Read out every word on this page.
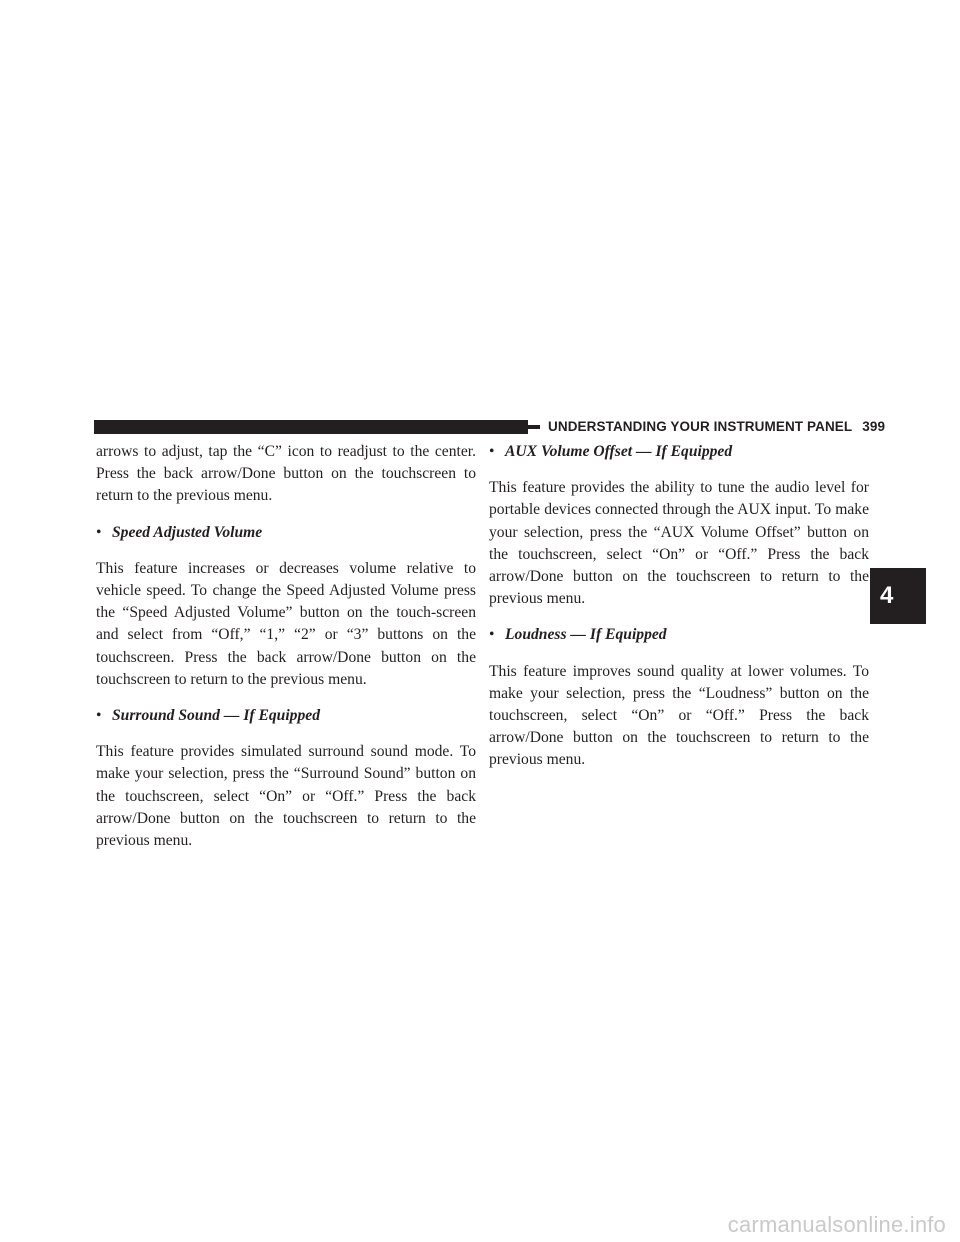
UNDERSTANDING YOUR INSTRUMENT PANEL 399

arrows to adjust, tap the “C” icon to readjust to the center. Press the back arrow/Done button on the touchscreen to return to the previous menu.

• Speed Adjusted Volume

This feature increases or decreases volume relative to vehicle speed. To change the Speed Adjusted Volume press the “Speed Adjusted Volume” button on the touch-screen and select from “Off,” “1,” “2” or “3” buttons on the touchscreen. Press the back arrow/Done button on the touchscreen to return to the previous menu.

• Surround Sound — If Equipped

This feature provides simulated surround sound mode. To make your selection, press the “Surround Sound” button on the touchscreen, select “On” or “Off.” Press the back arrow/Done button on the touchscreen to return to the previous menu.

• AUX Volume Offset — If Equipped

This feature provides the ability to tune the audio level for portable devices connected through the AUX input. To make your selection, press the “AUX Volume Offset” button on the touchscreen, select “On” or “Off.” Press the back arrow/Done button on the touchscreen to return to the previous menu.

• Loudness — If Equipped

This feature improves sound quality at lower volumes. To make your selection, press the “Loudness” button on the touchscreen, select “On” or “Off.” Press the back arrow/Done button on the touchscreen to return to the previous menu.

4
carmanualsonline.info
